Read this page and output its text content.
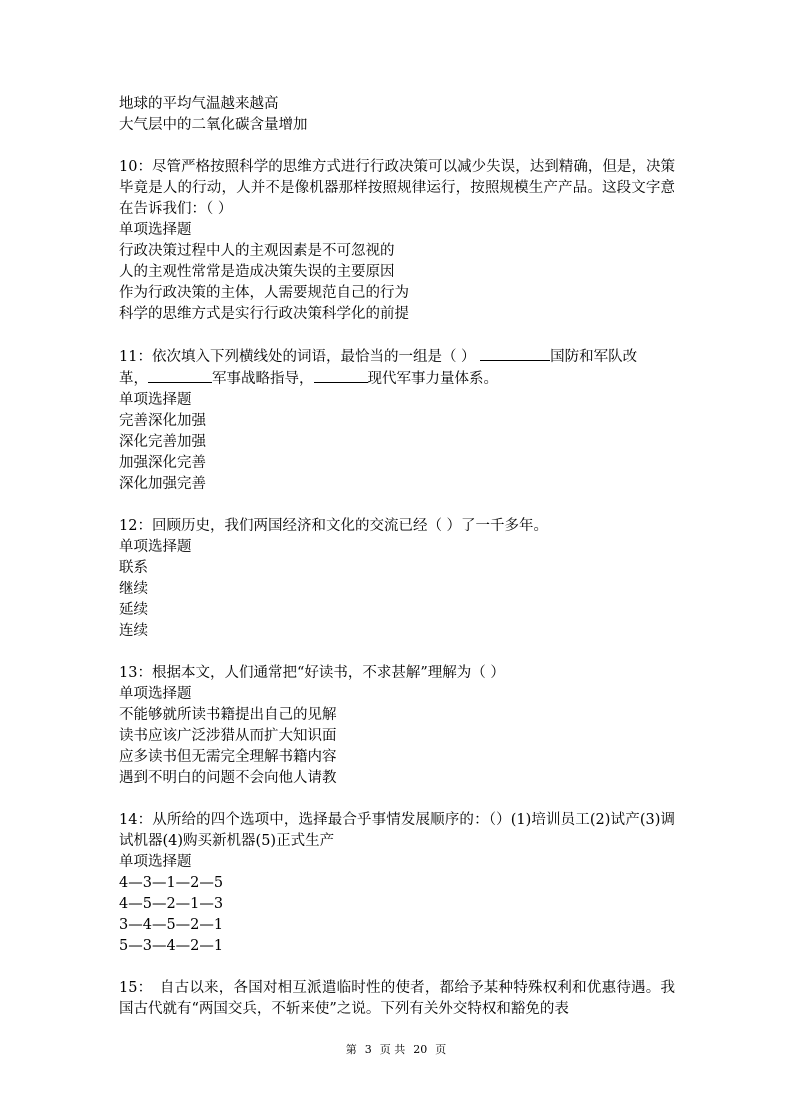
地球的平均气温越来越高
大气层中的二氧化碳含量增加
10：尽管严格按照科学的思维方式进行行政决策可以减少失误，达到精确，但是，决策毕竟是人的行动，人并不是像机器那样按照规律运行，按照规模生产产品。这段文字意在告诉我们：（ ）
单项选择题
行政决策过程中人的主观因素是不可忽视的
人的主观性常常是造成决策失误的主要原因
作为行政决策的主体，人需要规范自己的行为
科学的思维方式是实行行政决策科学化的前提
11：依次填入下列横线处的词语，最恰当的一组是（ ）	国防和军队改
革，	军事战略指导，	现代军事力量体系。
单项选择题
完善深化加强
深化完善加强
加强深化完善
深化加强完善
12：回顾历史，我们两国经济和文化的交流已经（ ）了一千多年。
单项选择题
联系
继续
延续
连续
13：根据本文，人们通常把“好读书，不求甚解”理解为（ ）
单项选择题
不能够就所读书籍提出自己的见解
读书应该广泛涉猎从而扩大知识面
应多读书但无需完全理解书籍内容
遇到不明白的问题不会向他人请教
14：从所给的四个选项中，选择最合乎事情发展顺序的：（）(1)培训员工(2)试产(3)调试机器(4)购买新机器(5)正式生产
单项选择题
4—3—1—2—5
4—5—2—1—3
3—4—5—2—1
5—3—4—2—1
15：　自古以来，各国对相互派遣临时性的使者，都给予某种特殊权利和优惠待遇。我国古代就有“两国交兵，不斩来使”之说。下列有关外交特权和豁免的表
第 3 页 共 20 页
